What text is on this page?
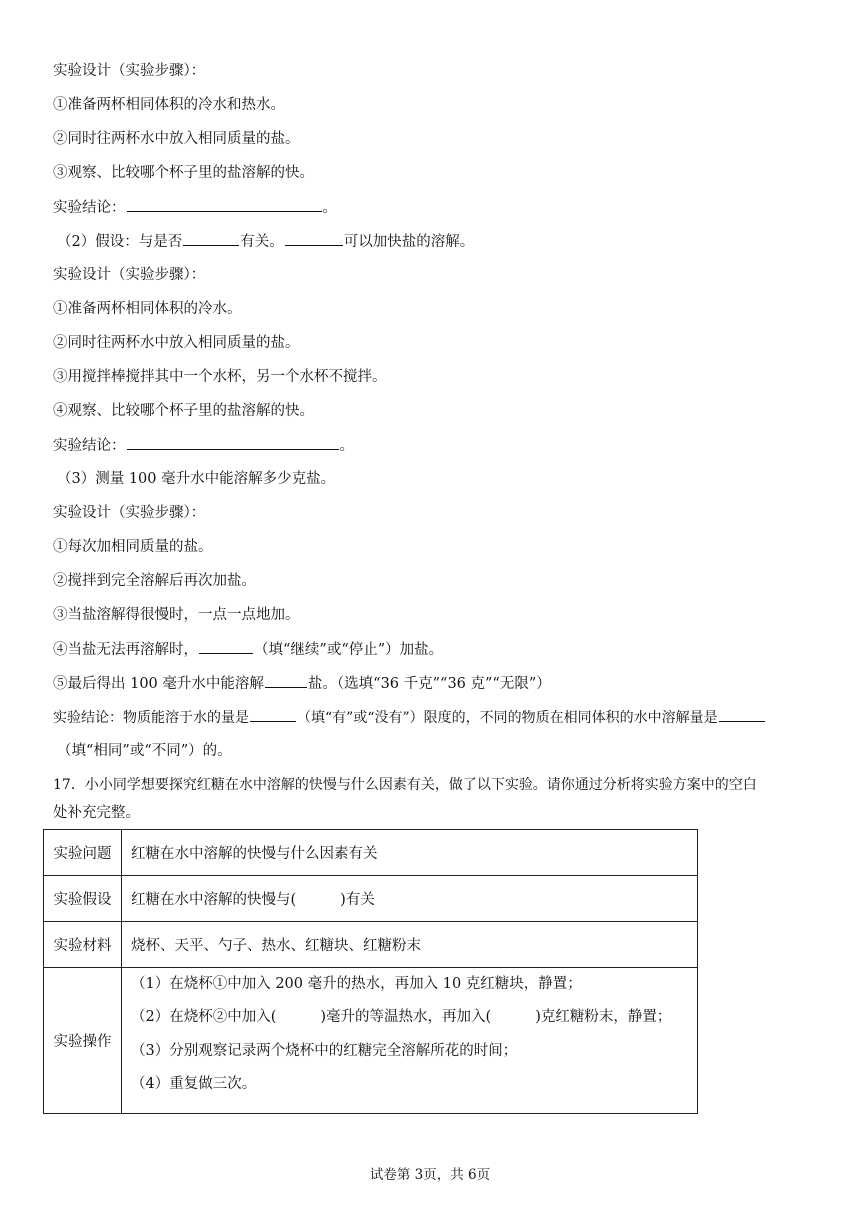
实验设计（实验步骤）：
①准备两杯相同体积的冷水和热水。
②同时往两杯水中放入相同质量的盐。
③观察、比较哪个杯子里的盐溶解的快。
实验结论：	。
（2）假设：与是否	有关。	可以加快盐的溶解。
实验设计（实验步骤）：
①准备两杯相同体积的冷水。
②同时往两杯水中放入相同质量的盐。
③用搅拌棒搅拌其中一个水杯，另一个水杯不搅拌。
④观察、比较哪个杯子里的盐溶解的快。
实验结论：	。
（3）测量 100 毫升水中能溶解多少克盐。
实验设计（实验步骤）：
①每次加相同质量的盐。
②搅拌到完全溶解后再次加盐。
③当盐溶解得很慢时，一点一点地加。
④当盐无法再溶解时，	（填“继续”或“停止”）加盐。
⑤最后得出 100 毫升水中能溶解	盐。（选填“36 千克”“36 克”“无限”）
实验结论：物质能溶于水的量是	（填“有”或“没有”）限度的，不同的物质在相同体积的水中溶解量是
（填“相同”或“不同”）的。
17．小小同学想要探究红糖在水中溶解的快慢与什么因素有关，做了以下实验。请你通过分析将实验方案中的空白
处补充完整。
实验问题	红糖在水中溶解的快慢与什么因素有关
实验假设	红糖在水中溶解的快慢与( )有关
实验材料	烧杯、天平、勺子、热水、红糖块、红糖粉末
实验操作	（1）在烧杯①中加入 200 毫升的热水，再加入 10 克红糖块，静置；
（2）在烧杯②中加入( )毫升的等温热水，再加入( )克红糖粉末，静置；
（3）分别观察记录两个烧杯中的红糖完全溶解所花的时间；
（4）重复做三次。
试卷第 3页，共 6页
